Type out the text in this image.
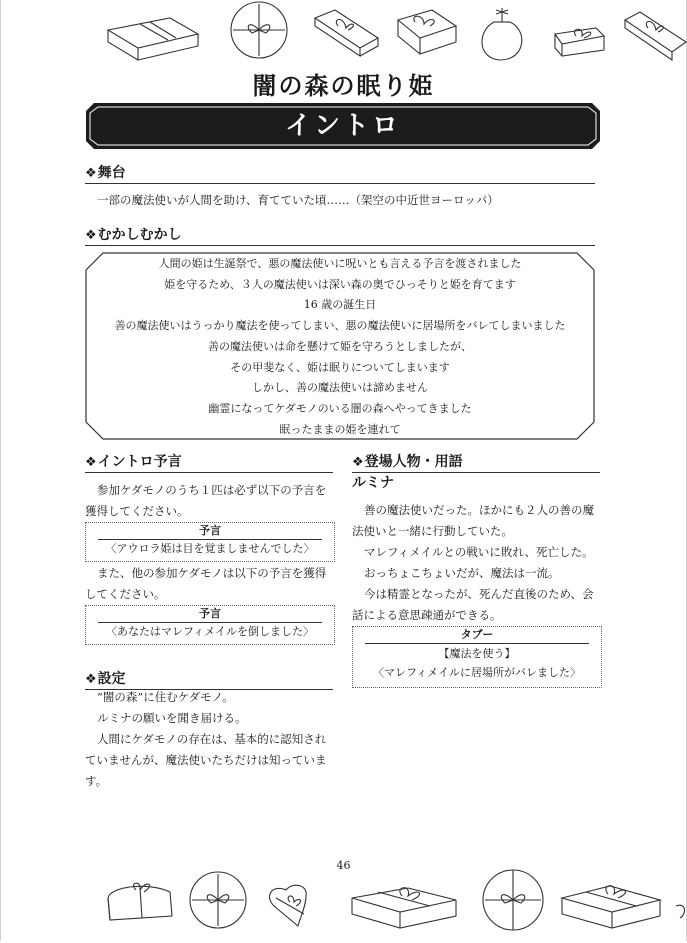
闇の森の眠り姫
イントロ
❖舞台
一部の魔法使いが人間を助け、育てていた頃……（架空の中近世ヨーロッパ）
❖むかしむかし
人間の姫は生誕祭で、悪の魔法使いに呪いとも言える予言を渡されました
姫を守るため、３人の魔法使いは深い森の奥でひっそりと姫を育てます
16 歳の誕生日
善の魔法使いはうっかり魔法を使ってしまい、悪の魔法使いに居場所をバレてしまいました
善の魔法使いは命を懸けて姫を守ろうとしましたが、
その甲斐なく、姫は眠りについてしまいます
しかし、善の魔法使いは諦めません
幽霊になってケダモノのいる闇の森へやってきました
眠ったままの姫を連れて
❖イントロ予言
参加ケダモノのうち１匹は必ず以下の予言を獲得してください。
予言
〈アウロラ姫は目を覚ましませんでした〉
また、他の参加ケダモノは以下の予言を獲得してください。
予言
〈あなたはマレフィメイルを倒しました〉
❖設定
“闇の森”に住むケダモノ。
ルミナの願いを聞き届ける。
人間にケダモノの存在は、基本的に認知されていませんが、魔法使いたちだけは知っています。
❖登場人物・用語
ルミナ
善の魔法使いだった。ほかにも２人の善の魔法使いと一緒に行動していた。
マレフィメイルとの戦いに敗れ、死亡した。
おっちょこちょいだが、魔法は一流。
今は精霊となったが、死んだ直後のため、会話による意思疎通ができる。
タブー
【魔法を使う】
〈マレフィメイルに居場所がバレました〉
46
